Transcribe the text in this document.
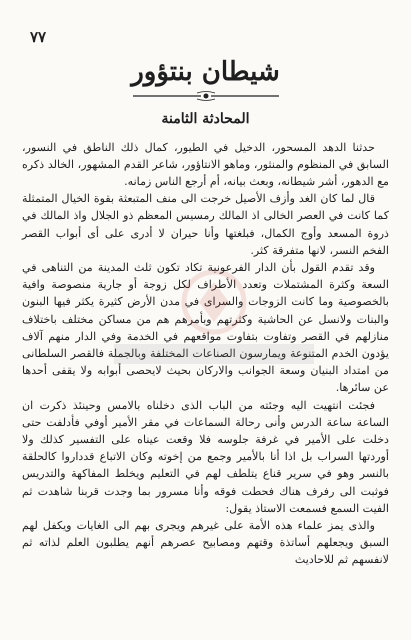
٧٧
شيطان بنتؤور
المحادثة الثامنة

حدثنا الدهد المسحور، الدخيل في الطيور، كمال ذلك الناطق في النسور، السابق في المنظوم والمنثور، وماهو الانتاؤور، شاعر القدم المشهور، الخالد ذكره مع الدهور، أشر شيطانه، وبعث بيانه، أم أرجع الناس زمانه.

قال لما كان الغد وأزف الأصيل خرجت الى منف المتبعثة بقوة الخيال المتمثلة كما كانت في العصر الخالى اذ المالك رمسيس المعظم ذو الجلال واذ المالك في ذروة المسعد وأوج الكمال، فبلغتها وأنا حيران لا أدرى على أى أبواب القصر الفخم النسر، لانها متفرقة كثر.

وقد تقدم القول بأن الدار الفرعونية تكاد تكون ثلث المدينة من التناهى في السعة وكثرة المشتملات وتعدد الأطراف لكل زوجة أو جارية منصوصة وافية بالخصوصية وما كانت الزوجات والسراى في مدن الأرض كثيرة يكثر فيها البنون والبنات ولانسل عن الحاشية وكثرتهم وبأمرهم هم من مساكن مختلف باختلاف منازلهم في القصر وتفاوت بتفاوت مواقعهم في الخدمة وفي الدار منهم آلاف يؤدون الخدم المتنوعة ويمارسون الصناعات المختلفة وبالجملة فالقصر السلطانى من امتداد البنيان وسعة الجوانب والاركان بحيث لايحصى أبوابه ولا يقفى أحدها عن سائرها.

فجئت انتهيت اليه وجئته من الباب الذى دخلناه بالامس وحينئذ ذكرت ان الساعة ساعة الدرس وأنى رحالة السماعات في مقر الأمير أوفي فأدلفت حتى دخلت على الأمير في غرفة جلوسه فلا وقعت عيناه على التفسير كذلك ولا أوردتها السراب بل اذا أنا بالأمير وجمع من إخوته وكان الاتباع قدداروا كالحلقة بالنسر وهو في سرير قناع يتلطف لهم في التعليم ويخلط المفاكهة والتدريس فوثبت الى رفرف هناك فحطت فوقه وأنا مسرور بما وجدت قربنا شاهدت ثم الفيت السمع فسمعت الاستاذ يقول:

والذى يمز علماء هذه الأمة على غيرهم ويجرى بهم الى الغايات ويكفل لهم السبق ويجعلهم أساتذة وقتهم ومصابيح عصرهم أنهم يطلبون العلم لذاته ثم لانفسهم ثم للاحاديث
